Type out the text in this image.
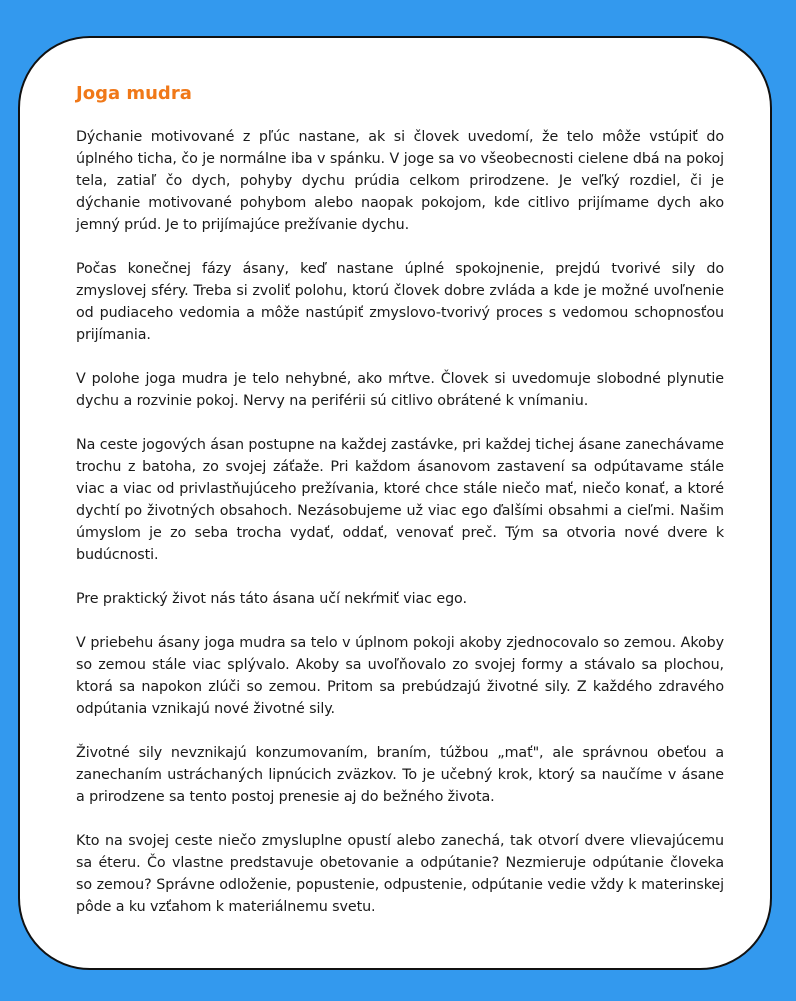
Joga mudra

Dýchanie motivované z pľúc nastane, ak si človek uvedomí, že telo môže vstúpiť do úplného ticha, čo je normálne iba v spánku. V joge sa vo všeobecnosti cielene dbá na pokoj tela, zatiaľ čo dych, pohyby dychu prúdia celkom prirodzene. Je veľký rozdiel, či je dýchanie motivované pohybom alebo naopak pokojom, kde citlivo prijímame dych ako jemný prúd. Je to prijímajúce prežívanie dychu.

Počas konečnej fázy ásany, keď nastane úplné spokojnenie, prejdú tvorivé sily do zmyslovej sféry. Treba si zvoliť polohu, ktorú človek dobre zvláda a kde je možné uvoľnenie od pudiaceho vedomia a môže nastúpiť zmyslovo-tvorivý proces s vedomou schopnosťou prijímania.

V polohe joga mudra je telo nehybné, ako mŕtve. Človek si uvedomuje slobodné plynutie dychu a rozvinie pokoj. Nervy na periférii sú citlivo obrátené k vnímaniu.

Na ceste jogových ásan postupne na každej zastávke, pri každej tichej ásane zanechávame trochu z batoha, zo svojej záťaže. Pri každom ásanovom zastavení sa odpútavame stále viac a viac od privlastňujúceho prežívania, ktoré chce stále niečo mať, niečo konať, a ktoré dychtí po životných obsahoch. Nezásobujeme už viac ego ďalšími obsahmi a cieľmi. Našim úmyslom je zo seba trocha vydať, oddať, venovať preč. Tým sa otvoria nové dvere k budúcnosti.

Pre praktický život nás táto ásana učí nekŕmiť viac ego.

V priebehu ásany joga mudra sa telo v úplnom pokoji akoby zjednocovalo so zemou. Akoby so zemou stále viac splývalo. Akoby sa uvoľňovalo zo svojej formy a stávalo sa plochou, ktorá sa napokon zlúči so zemou. Pritom sa prebúdzajú životné sily. Z každého zdravého odpútania vznikajú nové životné sily.

Životné sily nevznikajú konzumovaním, braním, túžbou „mať", ale správnou obeťou a zanechaním ustráchaných lipnúcich zväzkov. To je učebný krok, ktorý sa naučíme v ásane a prirodzene sa tento postoj prenesie aj do bežného života.

Kto na svojej ceste niečo zmysluplne opustí alebo zanechá, tak otvorí dvere vlievajúcemu sa éteru. Čo vlastne predstavuje obetovanie a odpútanie? Nezmieruje odpútanie človeka so zemou? Správne odloženie, popustenie, odpustenie, odpútanie vedie vždy k materinskej pôde a ku vzťahom k materiálnemu svetu.
